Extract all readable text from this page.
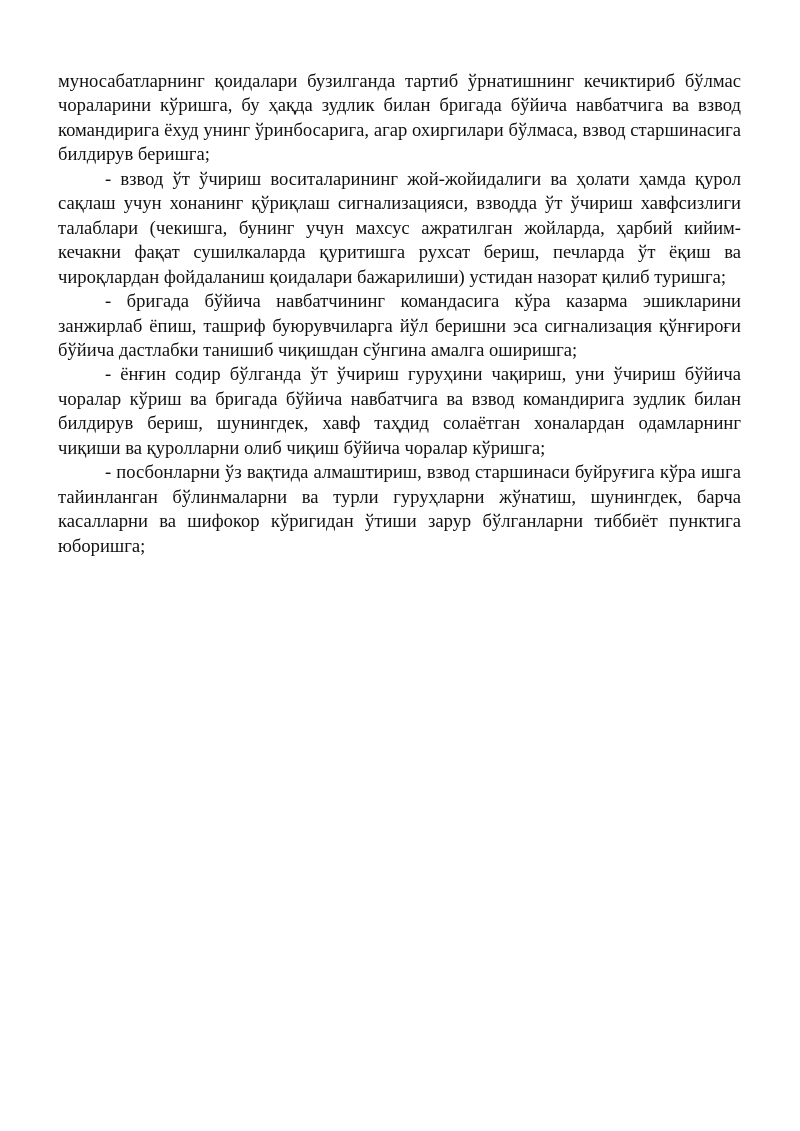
муносабатларнинг қоидалари бузилганда тартиб ўрнатишнинг кечиктириб бўлмас чораларини кўришга, бу ҳақда зудлик билан бригада бўйича навбатчига ва взвод командирига ёхуд унинг ўринбосарига, агар охиргилари бўлмаса, взвод старшинасига билдирув беришга;

- взвод ўт ўчириш воситаларининг жой-жойидалиги ва ҳолати ҳамда қурол сақлаш учун хонанинг қўриқлаш сигнализацияси, взводда ўт ўчириш хавфсизлиги талаблари (чекишга, бунинг учун махсус ажратилган жойларда, ҳарбий кийим-кечакни фақат сушилкаларда қуритишга рухсат бериш, печларда ўт ёқиш ва чироқлардан фойдаланиш қоидалари бажарилиши) устидан назорат қилиб туришга;

- бригада бўйича навбатчининг командасига кўра казарма эшикларини занжирлаб ёпиш, ташриф буюрувчиларга йўл беришни эса сигнализация қўнғироғи бўйича дастлабки танишиб чиқишдан сўнгина амалга оширишга;

- ёнғин содир бўлганда ўт ўчириш гуруҳини чақириш, уни ўчириш бўйича чоралар кўриш ва бригада бўйича навбатчига ва взвод командирига зудлик билан билдирув бериш, шунингдек, хавф таҳдид солаётган хоналардан одамларнинг чиқиши ва қуролларни олиб чиқиш бўйича чоралар кўришга;

- посбонларни ўз вақтида алмаштириш, взвод старшинаси буйруғига кўра ишга тайинланган бўлинмаларни ва турли гуруҳларни жўнатиш, шунингдек, барча касалларни ва шифокор кўригидан ўтиши зарур бўлганларни тиббиёт пунктига юборишга;
